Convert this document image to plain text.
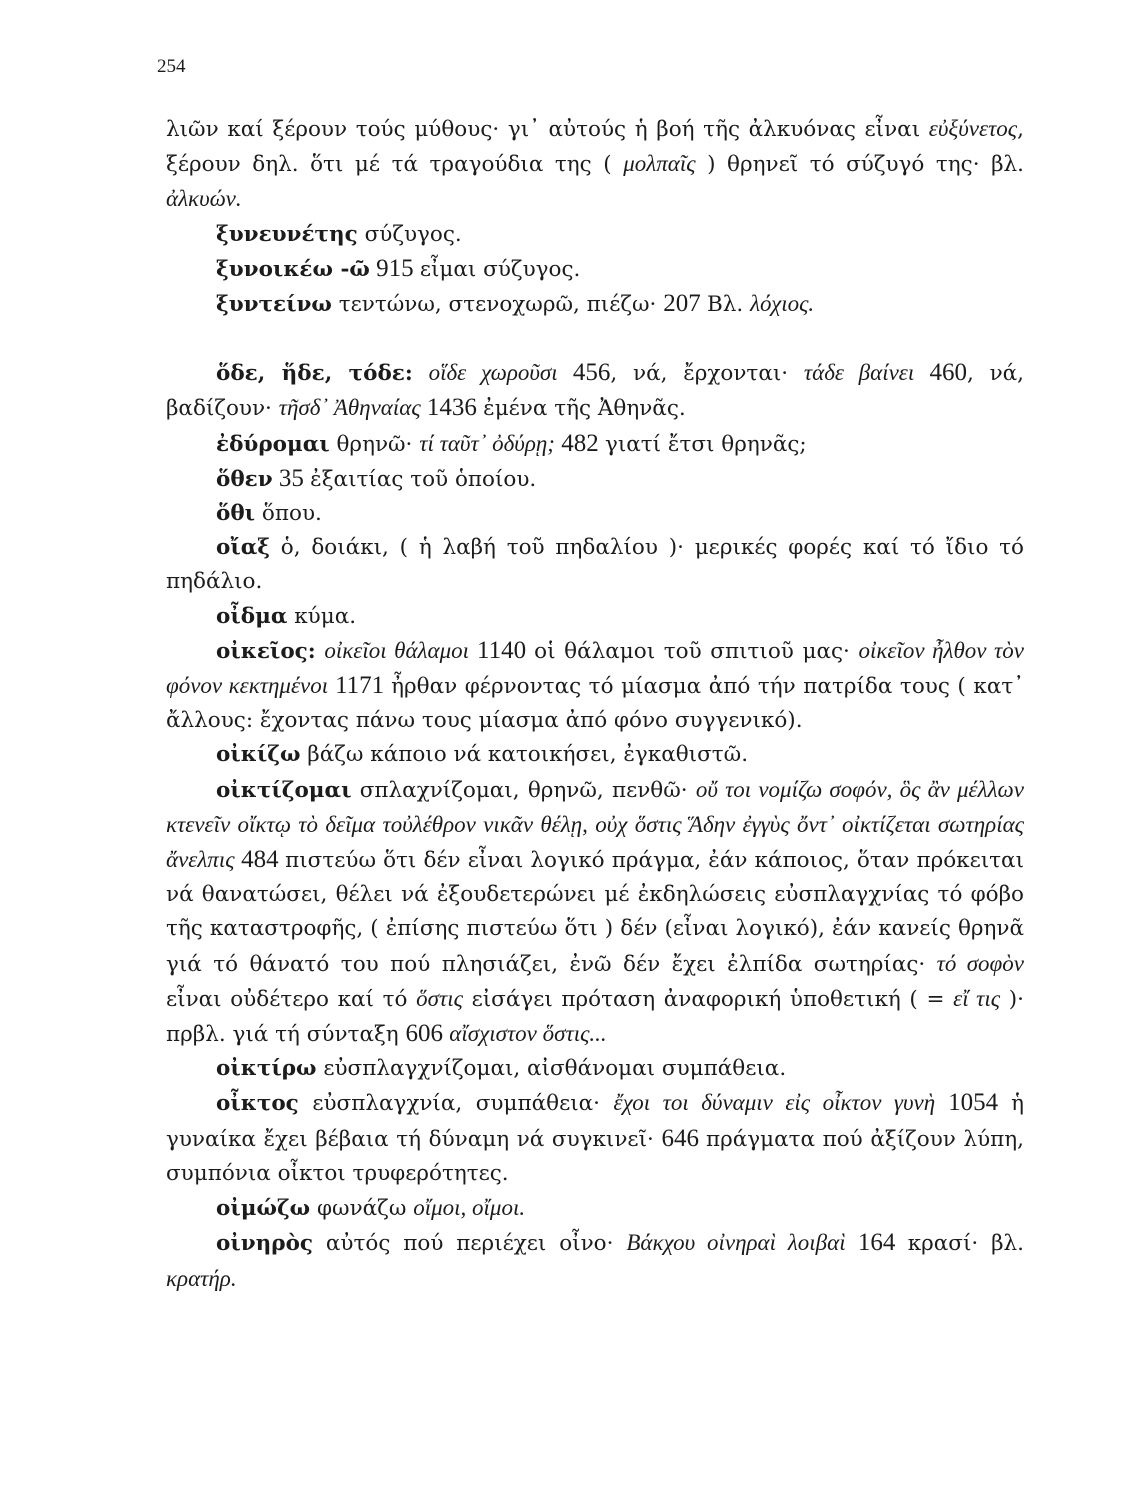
254

λιῶν καί ξέρουν τούς μύθους· γι᾽ αὐτούς ἡ βοή τῆς ἀλκυόνας εἶναι εὐξύνετος, ξέρουν δηλ. ὅτι μέ τά τραγούδια της ( μολπαῖς ) θρηνεῖ τό σύζυγό της· βλ. ἀλκυών.

ξυνευνέτης σύζυγος.

ξυνοικέω -ῶ 915 εἶμαι σύζυγος.

ξυντείνω τεντώνω, στενοχωρῶ, πιέζω· 207 Βλ. λόχιος.

ὅδε, ἥδε, τόδε: οἵδε χωροῦσι 456, νά, ἔρχονται· τάδε βαίνει 460, νά, βαδίζουν· τῆσδ᾽ Ἀθηναίας 1436 ἐμένα τῆς Ἀθηνᾶς.

ἐδύρομαι θρηνῶ· τί ταῦτ᾽ ὀδύρῃ; 482 γιατί ἔτσι θρηνᾶς;

ὅθεν 35 ἐξαιτίας τοῦ ὁποίου.

ὅθι ὅπου.

οἴαξ ὁ, δοιάκι, ( ἡ λαβή τοῦ πηδαλίου )· μερικές φορές καί τό ἴδιο τό πηδάλιο.

οἶδμα κύμα.

οἰκεῖος: οἰκεῖοι θάλαμοι 1140 οἱ θάλαμοι τοῦ σπιτιοῦ μας· οἰκεῖον ἦλθον τὸν φόνον κεκτημένοι 1171 ἦρθαν φέρνοντας τό μίασμα ἀπό τήν πατρίδα τους ( κατ᾽ ἄλλους: ἔχοντας πάνω τους μίασμα ἀπό φόνο συγγενικό).

οἰκίζω βάζω κάποιο νά κατοικήσει, ἐγκαθιστῶ.

οἰκτίζομαι σπλαχνίζομαι, θρηνῶ, πενθῶ· οὔ τοι νομίζω σοφόν, ὃς ἂν μέλλων κτενεῖν οἴκτῳ τὸ δεῖμα τοὐλέθρον νικᾶν θέλῃ, οὐχ ὅστις Ἅδην ἐγγὺς ὄντ᾽ οἰκτίζεται σωτηρίας ἄνελπις 484 πιστεύω ὅτι δέν εἶναι λογικό πράγμα, ἐάν κάποιος, ὅταν πρόκειται νά θανατώσει, θέλει νά ἐξουδετερώνει μέ ἐκδηλώσεις εὐσπλαγχνίας τό φόβο τῆς καταστροφῆς, ( ἐπίσης πιστεύω ὅτι ) δέν (εἶναι λογικό), ἐάν κανείς θρηνᾶ γιά τό θάνατό του πού πλησιάζει, ἐνῶ δέν ἔχει ἐλπίδα σωτηρίας· τό σοφὸν εἶναι οὐδέτερο καί τό ὅστις εἰσάγει πρόταση ἀναφορική ὑποθετική ( = εἴ τις )· πρβλ. γιά τή σύνταξη 606 αἴσχιστον ὅστις...

οἰκτίρω εὐσπλαγχνίζομαι, αἰσθάνομαι συμπάθεια.

οἶκτος εὐσπλαγχνία, συμπάθεια· ἔχοι τοι δύναμιν εἰς οἶκτον γυνὴ 1054 ἡ γυναίκα ἔχει βέβαια τή δύναμη νά συγκινεῖ· 646 πράγματα πού ἀξίζουν λύπη, συμπόνια οἶκτοι τρυφερότητες.

οἰμώζω φωνάζω οἴμοι, οἴμοι.

οἰνηρὸς αὐτός πού περιέχει οἶνο· Βάκχου οἰνηραὶ λοιβαὶ 164 κρασί· βλ. κρατήρ.
